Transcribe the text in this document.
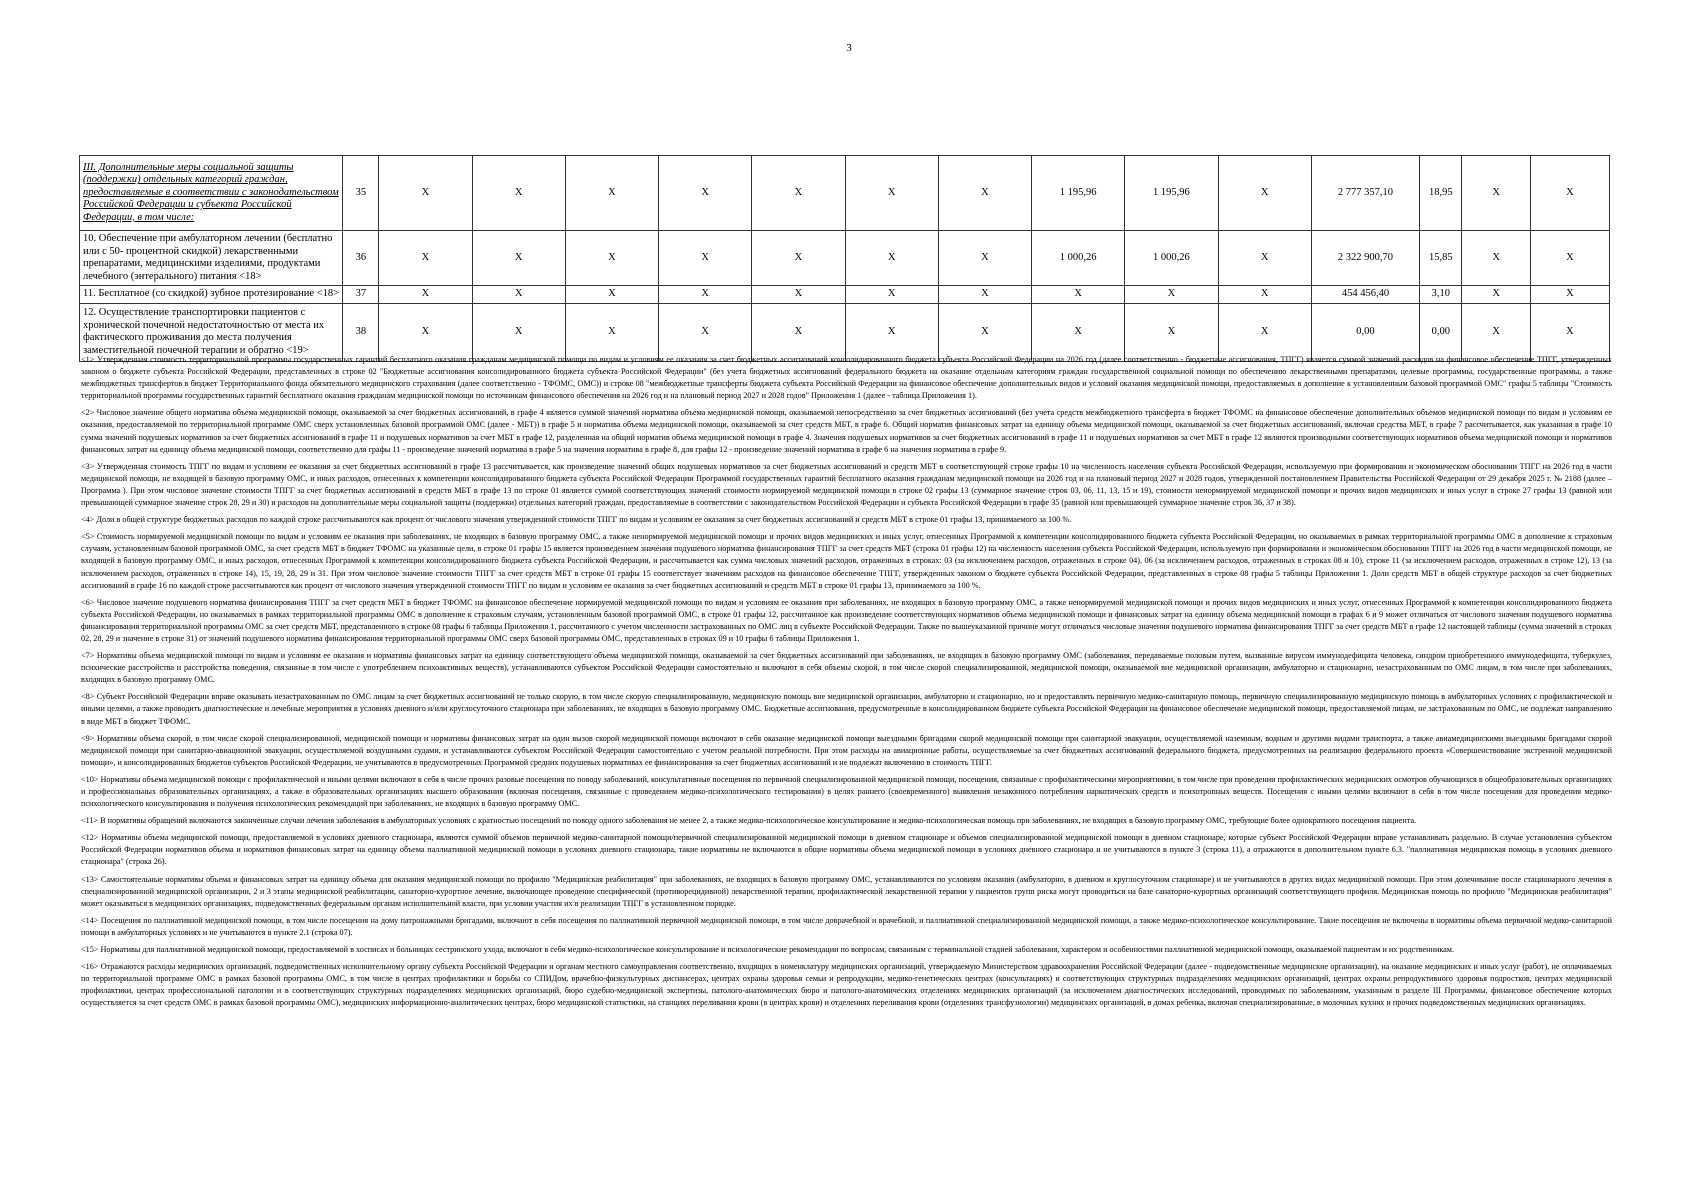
3
III. Дополнительные меры социальной защиты (поддержки) отдельных категорий граждан, предоставляемые в соответствии с законодательством Российской Федерации и субъекта Российской Федерации, в том числе:	35	X	X	X	X	X	X	X	1 195,96	1 195,96	X	2 777 357,10	18,95	X	X
10. Обеспечение при амбулаторном лечении (бесплатно или с 50- процентной скидкой) лекарственными препаратами, медицинскими изделиями, продуктами лечебного (энтерального) питания <18>	36	X	X	X	X	X	X	X	1 000,26	1 000,26	X	2 322 900,70	15,85	X	X
11. Бесплатное (со скидкой) зубное протезирование <18>	37	X	X	X	X	X	X	X	X	X	X	454 456,40	3,10	X	X
12. Осуществление транспортировки пациентов с хронической почечной недостаточностью от места их фактического проживания до места получения заместительной почечной терапии и обратно <19>	38	X	X	X	X	X	X	X	X	X	X	0,00	0,00	X	X

<1> Утвержденная стоимость территориальной программы государственных гарантий бесплатного оказания гражданам медицинской помощи по видам и условиям ее оказания за счет бюджетных ассигнований консолидированного бюджета субъекта Российской Федерации на 2026 год (далее соответственно - бюджетные ассигнования, ТПГГ) является суммой значений расходов на финансовое обеспечение ТПГГ, утвержденных законом о бюджете субъекта Российской Федерации, представленных в строке 02 "Бюджетные ассигнования консолидированного бюджета субъекта Российской Федерации" (без учета бюджетных ассигнований федерального бюджета на оказание отдельным категориям граждан государственной социальной помощи по обеспечению лекарственными препаратами, целевые программы, государственные программы, а также межбюджетных трансфертов в бюджет Территориального фонда обязательного медицинского страхования (далее соответственно - ТФОМС, ОМС)) и строке 08 "межбюджетные трансферты бюджета субъекта Российской Федерации на финансовое обеспечение дополнительных видов и условий оказания медицинской помощи, предоставляемых в дополнение к установленным базовой программой ОМС" графы 5 таблицы "Стоимость территориальной программы государственных гарантий бесплатного оказания гражданам медицинской помощи по источникам финансового обеспечения на 2026 год и на плановый период 2027 и 2028 годов" Приложения 1 (далее - таблица Приложения 1).

<2> Числовое значение общего норматива объема медицинской помощи, оказываемой за счет бюджетных ассигнований, в графе 4 является суммой значений норматива объема медицинской помощи, оказываемой непосредственно за счет бюджетных ассигнований (без учета средств межбюджетного трансферта в бюджет ТФОМС на финансовое обеспечение дополнительных объемов медицинской помощи по видам и условиям ее оказания, предоставляемой по территориальной программе ОМС сверх установленных базовой программой ОМС (далее - МБТ)) в графе 5 и норматива объема медицинской помощи, оказываемой за счет средств МБТ, в графе 6. Общий норматив финансовых затрат на единицу объема медицинской помощи, оказываемой за счет бюджетных ассигнований, включая средства МБТ, в графе 7 рассчитывается, как указанная в графе 10 сумма значений подушевых нормативов за счет бюджетных ассигнований в графе 11 и подушевых нормативов за счет МБТ в графе 12, разделенная на общий норматив объема медицинской помощи в графе 4. Значения подушевых нормативов за счет бюджетных ассигнований в графе 11 и подушевых нормативов за счет МБТ в графе 12 являются производными соответствующих нормативов объема медицинской помощи и нормативов финансовых затрат на единицу объема медицинской помощи, соответственно для графы 11 - произведение значений норматива в графе 5 на значения норматива в графе 8, для графы 12 - произведение значений норматива в графе 6 на значения норматива в графе 9.

<3> Утвержденная стоимость ТПГГ по видам и условиям ее оказания за счет бюджетных ассигнований в графе 13 рассчитывается, как произведение значений общих подушевых нормативов за счет бюджетных ассигнований и средств МБТ в соответствующей строке графы 10 на численность населения субъекта Российской Федерации, используемую при формировании и экономическом обосновании ТПГГ на 2026 год в части медицинской помощи, не входящей в базовую программу ОМС, и иных расходов, отнесенных к компетенции консолидированного бюджета субъекта Российской Федерации Программой государственных гарантий бесплатного оказания гражданам медицинской помощи на 2026 год и на плановый период 2027 и 2028 годов, утвержденной постановлением Правительства Российской Федерации от 29 декабря 2025 г. № 2188 (далее – Программа ). При этом числовое значение стоимости ТПГГ за счет бюджетных ассигнований в средств МБТ в графе 13 по строке 01 является суммой соответствующих значений стоимости нормируемой медицинской помощи в строке 02 графы 13 (суммарное значение строк 03, 06, 11, 13, 15 и 19), стоимости ненормируемой медицинской помощи и прочих видов медицинских и иных услуг в строке 27 графы 13 (равной или превышающей суммарное значение строк 28, 29 и 30) и расходов на дополнительные меры социальной защиты (поддержки) отдельных категорий граждан, предоставляемые в соответствии с законодательством Российской Федерации и субъекта Российской Федерации в графе 35 (равной или превышающей суммарное значение строк 36, 37 и 38).

<4> Доли в общей структуре бюджетных расходов по каждой строке рассчитываются как процент от числового значения утвержденной стоимости ТПГГ по видам и условиям ее оказания за счет бюджетных ассигнований и средств МБТ в строке 01 графы 13, принимаемого за 100 %.

<5> Стоимость нормируемой медицинской помощи по видам и условиям ее оказания при заболеваниях, не входящих в базовую программу ОМС, а также ненормируемой медицинской помощи и прочих видов медицинских и иных услуг, отнесенных Программой к компетенции консолидированного бюджета субъекта Российской Федерации, но оказываемых в рамках территориальной программы ОМС в дополнение к страховым случаям, установленным базовой программой ОМС, за счет средств МБТ в бюджет ТФОМС на указанные цели, в строке 01 графы 15 является произведением значения подушевого норматива финансирования ТПГГ за счет средств МБТ (строка 01 графы 12) на численность населения субъекта Российской Федерации, используемую при формировании и экономическом обосновании ТПГГ на 2026 год в части медицинской помощи, не входящей в базовую программу ОМС, и иных расходов, отнесенных Программой к компетенции консолидированного бюджета субъекта Российской Федерации, и рассчитывается как сумма числовых значений расходов, отраженных в строках: 03 (за исключением расходов, отраженных в строке 04), 06 (за исключением расходов, отраженных в строках 08 и 10), строке 11 (за исключением расходов, отраженных в строке 12), 13 (за исключением расходов, отраженных в строке 14), 15, 19, 28, 29 и 31. При этом числовое значение стоимости ТПГГ за счет средств МБТ в строке 01 графы 15 соответствует значениям расходов на финансовое обеспечение ТПГГ, утвержденных законом о бюджете субъекта Российской Федерации, представленных в строке 08 графы 5 таблицы Приложения 1. Доли средств МБТ в общей структуре расходов за счет бюджетных ассигнований в графе 16 по каждой строке рассчитываются как процент от числового значения утвержденной стоимости ТПГГ по видам и условиям ее оказания за счет бюджетных ассигнований и средств МБТ в строке 01 графы 13, принимаемого за 100 %.

<6> Числовое значение подушевого норматива финансирования ТПГГ за счет средств МБТ в бюджет ТФОМС на финансовое обеспечение нормируемой медицинской помощи по видам и условиям ее оказания при заболеваниях, не входящих в базовую программу ОМС, а также ненормируемой медицинской помощи и прочих видов медицинских и иных услуг, отнесенных Программой к компетенции консолидированного бюджета субъекта Российской Федерации, но оказываемых в рамках территориальной программы ОМС в дополнение к страховым случаям, установленным базовой программой ОМС, в строке 01 графы 12, рассчитанное как произведение соответствующих нормативов объема медицинской помощи и финансовых затрат на единицу объема медицинской помощи в графах 6 и 9 может отличаться от числового значения подушевого норматива финансирования территориальной программы ОМС за счет средств МБТ, представленного в строке 08 графы 6 таблицы Приложения 1, рассчитанного с учетом численности застрахованных по ОМС лиц в субъекте Российской Федерации. Также по вышеуказанной причине могут отличаться числовые значения подушевого норматива финансирования ТПГГ за счет средств МБТ в графе 12 настоящей таблицы (сумма значений в строках 02, 28, 29 и значение в строке 31) от значений подушевого норматива финансирования территориальной программы ОМС сверх базовой программы ОМС, представленных в строках 09 и 10 графы 6 таблицы Приложения 1.

<7> Нормативы объема медицинской помощи по видам и условиям ее оказания и нормативы финансовых затрат на единицу соответствующего объема медицинской помощи, оказываемой за счет бюджетных ассигнований при заболеваниях, не входящих в базовую программу ОМС (заболевания, передаваемые половым путем, вызванные вирусом иммунодефицита человека, синдром приобретенного иммунодефицита, туберкулез, психические расстройства и расстройства поведения, связанные в том числе с употреблением психоактивных веществ), устанавливаются субъектом Российской Федерации самостоятельно и включают в себя объемы скорой, в том числе скорой специализированной, медицинской помощи, оказываемой вне медицинской организации, амбулаторно и стационарно, незастрахованным по ОМС лицам, в том числе при заболеваниях, входящих в базовую программу ОМС.

<8> Субъект Российской Федерации вправе оказывать незастрахованным по ОМС лицам за счет бюджетных ассигнований не только скорую, в том числе скорую специализированную, медицинскую помощь вне медицинской организации, амбулаторно и стационарно, но и предоставлять первичную медико-санитарную помощь, первичную специализированную медицинскую помощь в амбулаторных условиях с профилактической и иными целями, а также проводить диагностические и лечебные мероприятия в условиях дневного и/или круглосуточного стационара при заболеваниях, не входящих в базовую программу ОМС. Бюджетные ассигнования, предусмотренные в консолидированном бюджете субъекта Российской Федерации на финансовое обеспечение медицинской помощи, предоставляемой лицам, не застрахованным по ОМС, не подлежат направлению в виде МБТ в бюджет ТФОМС.

<9> Нормативы объема скорой, в том числе скорой специализированной, медицинской помощи и нормативы финансовых затрат на один вызов скорой медицинской помощи включают в себя оказание медицинской помощи выездными бригадами скорой медицинской помощи при санитарной эвакуации, осуществляемой наземным, водным и другими видами транспорта, а также авиамедицинскими выездными бригадами скорой медицинской помощи при санитарно-авиационной эвакуации, осуществляемой воздушными судами, и устанавливаются субъектом Российской Федерации самостоятельно с учетом реальной потребности. При этом расходы на авиационные работы, осуществляемые за счет бюджетных ассигнований федерального бюджета, предусмотренных на реализацию федерального проекта «Совершенствование экстренной медицинской помощи», и консолидированных бюджетов субъектов Российской Федерации, не учитываются в предусмотренных Программой средних подушевых нормативах ее финансирования за счет бюджетных ассигнований и не подлежат включению в стоимость ТПГГ.

<10> Нормативы объема медицинской помощи с профилактической и иными целями включают в себя в числе прочих разовые посещения по поводу заболеваний, консультативные посещения по первичной специализированной медицинской помощи, посещения, связанные с профилактическими мероприятиями, в том числе при проведении профилактических медицинских осмотров обучающихся в общеобразовательных организациях и профессиональных образовательных организациях, а также в образовательных организациях высшего образования (включая посещения, связанные с проведением медико-психологического тестирования) в целях раннего (своевременного) выявления незаконного потребления наркотических средств и психотропных веществ. Посещения с иными целями включают в себя в том числе посещения для проведения медико-психологического консультирования и получения психологических рекомендаций при заболеваниях, не входящих в базовую программу ОМС.

<11> В нормативы обращений включаются законченные случаи лечения заболевания в амбулаторных условиях с кратностью посещений по поводу одного заболевания не менее 2, а также медико-психологическое консультирование и медико-психологическая помощь при заболеваниях, не входящих в базовую программу ОМС, требующие более однократного посещения пациента.

<12> Нормативы объема медицинской помощи, предоставляемой в условиях дневного стационара, являются суммой объемов первичной медико-санитарной помощи/первичной специализированной медицинской помощи в дневном стационаре и объемов специализированной медицинской помощи в дневном стационаре, которые субъект Российской Федерации вправе устанавливать раздельно. В случае установления субъектом Российской Федерации нормативов объема и нормативов финансовых затрат на единицу объема паллиативной медицинской помощи в условиях дневного стационара, такие нормативы не включаются в общие нормативы объема медицинской помощи в условиях дневного стационара и не учитываются в пункте 3 (строка 11), а отражаются в дополнительном пункте 6.3. "паллиативная медицинская помощь в условиях дневного стационара" (строка 26).

<13> Самостоятельные нормативы объема и финансовых затрат на единицу объема для оказания медицинской помощи по профилю "Медицинская реабилитация" при заболеваниях, не входящих в базовую программу ОМС, устанавливаются по условиям оказания (амбулаторно, в дневном и круглосуточном стационаре) и не учитываются в других видах медицинской помощи. При этом долечивание после стационарного лечения в специализированной медицинской организации, 2 и 3 этапы медицинской реабилитации, санаторно-курортное лечение, включающее проведение специфической (противорецидивной) лекарственной терапии, профилактической лекарственной терапии у пациентов групп риска могут проводиться на базе санаторно-курортных организаций соответствующего профиля. Медицинская помощь по профилю "Медицинская реабилитация" может оказываться в медицинских организациях, подведомственных федеральным органам исполнительной власти, при условии участия их в реализации ТПГГ в установленном порядке.

<14> Посещения по паллиативной медицинской помощи, в том числе посещения на дому патронажными бригадами, включают в себя посещения по паллиативной первичной медицинской помощи, в том числе доврачебной и врачебной, и паллиативной специализированной медицинской помощи, а также медико-психологическое консультирование. Такие посещения не включены в нормативы объема первичной медико-санитарной помощи в амбулаторных условиях и не учитываются в пункте 2.1 (строка 07).

<15> Нормативы для паллиативной медицинской помощи, предоставляемой в хосписах и больницах сестринского ухода, включают в себя медико-психологическое консультирование и психологические рекомендации по вопросам, связанным с терминальной стадией заболевания, характером и особенностями паллиативной медицинской помощи, оказываемой пациентам и их родственникам.

<16> Отражаются расходы медицинских организаций, подведомственных исполнительному органу субъекта Российской Федерации и органам местного самоуправления соответственно, входящих в номенклатуру медицинских организаций, утверждаемую Министерством здравоохранения Российской Федерации (далее - подведомственные медицинские организации), на оказание медицинских и иных услуг (работ), не оплачиваемых по территориальной программе ОМС в рамках базовой программы ОМС, в том числе в центрах профилактики и борьбы со СПИДом, врачебно-физкультурных диспансерах, центрах охраны здоровья семьи и репродукции, медико-генетических центрах (консультациях) и соответствующих структурных подразделениях медицинских организаций, центрах охраны репродуктивного здоровья подростков, центрах медицинской профилактики, центрах профессиональной патологии и в соответствующих структурных подразделениях медицинских организаций, бюро судебно-медицинской экспертизы, патолого-анатомических бюро и патолого-анатомических отделениях медицинских организаций (за исключением диагностических исследований, проводимых по заболеваниям, указанным в разделе III Программы, финансовое обеспечение которых осуществляется за счет средств ОМС в рамках базовой программы ОМС), медицинских информационно-аналитических центрах, бюро медицинской статистики, на станциях переливания крови (в центрах крови) и отделениях переливания крови (отделениях трансфузиологии) медицинских организаций, в домах ребенка, включая специализированные, в молочных кухнях и прочих подведомственных медицинских организациях.
